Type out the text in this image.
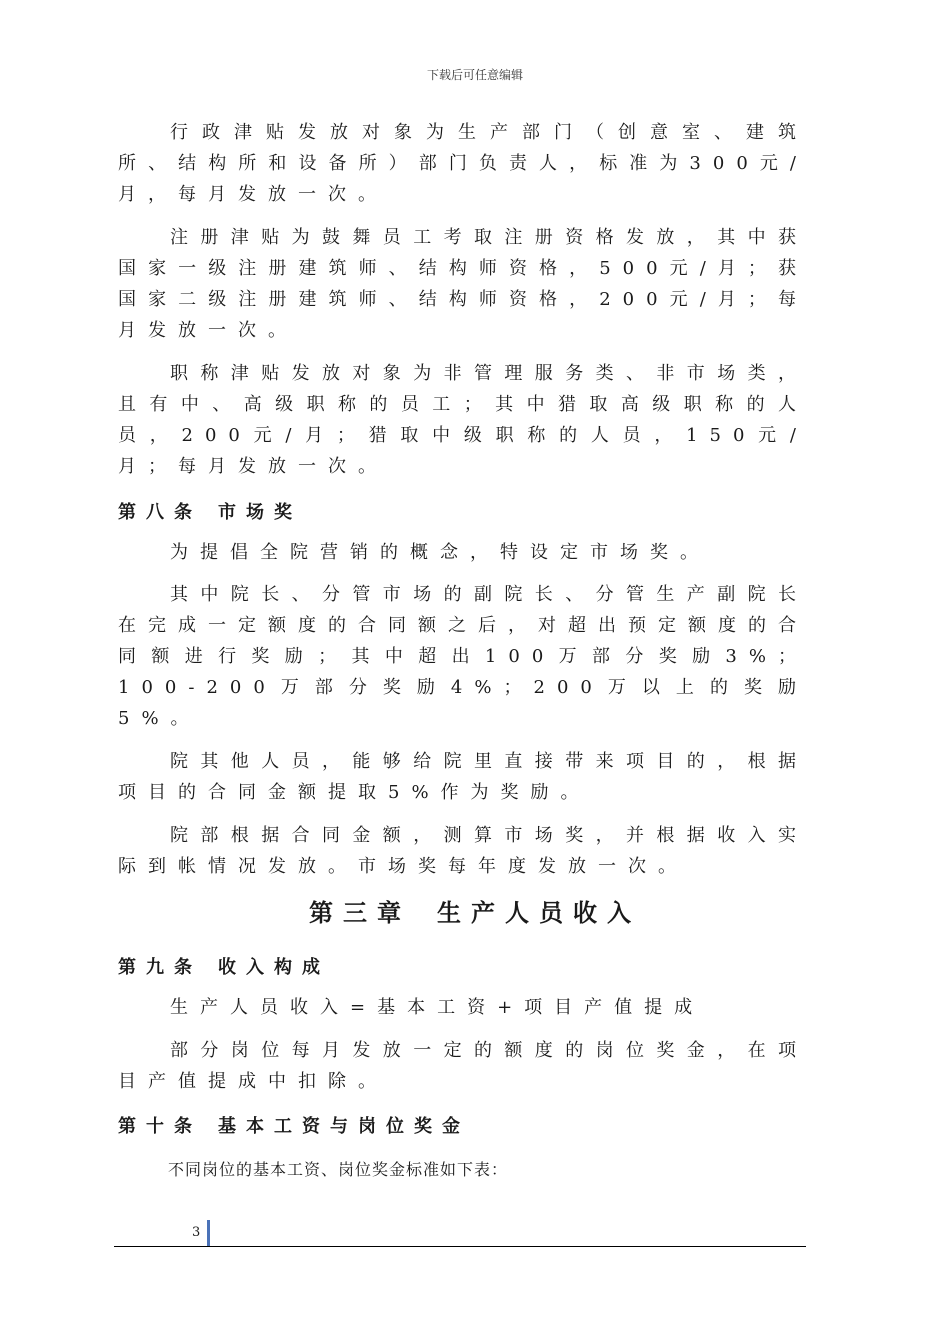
下载后可任意编辑
行政津贴发放对象为生产部门（创意室、建筑所、结构所和设备所）部门负责人，标准为300元/月，每月发放一次。
注册津贴为鼓舞员工考取注册资格发放，其中获国家一级注册建筑师、结构师资格，500元/月；获国家二级注册建筑师、结构师资格，200元/月；每月发放一次。
职称津贴发放对象为非管理服务类、非市场类，且有中、高级职称的员工；其中猎取高级职称的人员，200元/月；猎取中级职称的人员，150元/月；每月发放一次。
第八条 市场奖
为提倡全院营销的概念，特设定市场奖。
其中院长、分管市场的副院长、分管生产副院长在完成一定额度的合同额之后，对超出预定额度的合同额进行奖励；其中超出100万部分奖励3%；100-200万部分奖励4%；200万以上的奖励5%。
院其他人员，能够给院里直接带来项目的，根据项目的合同金额提取5%作为奖励。
院部根据合同金额，测算市场奖，并根据收入实际到帐情况发放。市场奖每年度发放一次。
第三章 生产人员收入
第九条 收入构成
生产人员收入=基本工资+项目产值提成
部分岗位每月发放一定的额度的岗位奖金，在项目产值提成中扣除。
第十条 基本工资与岗位奖金
不同岗位的基本工资、岗位奖金标准如下表：
3
